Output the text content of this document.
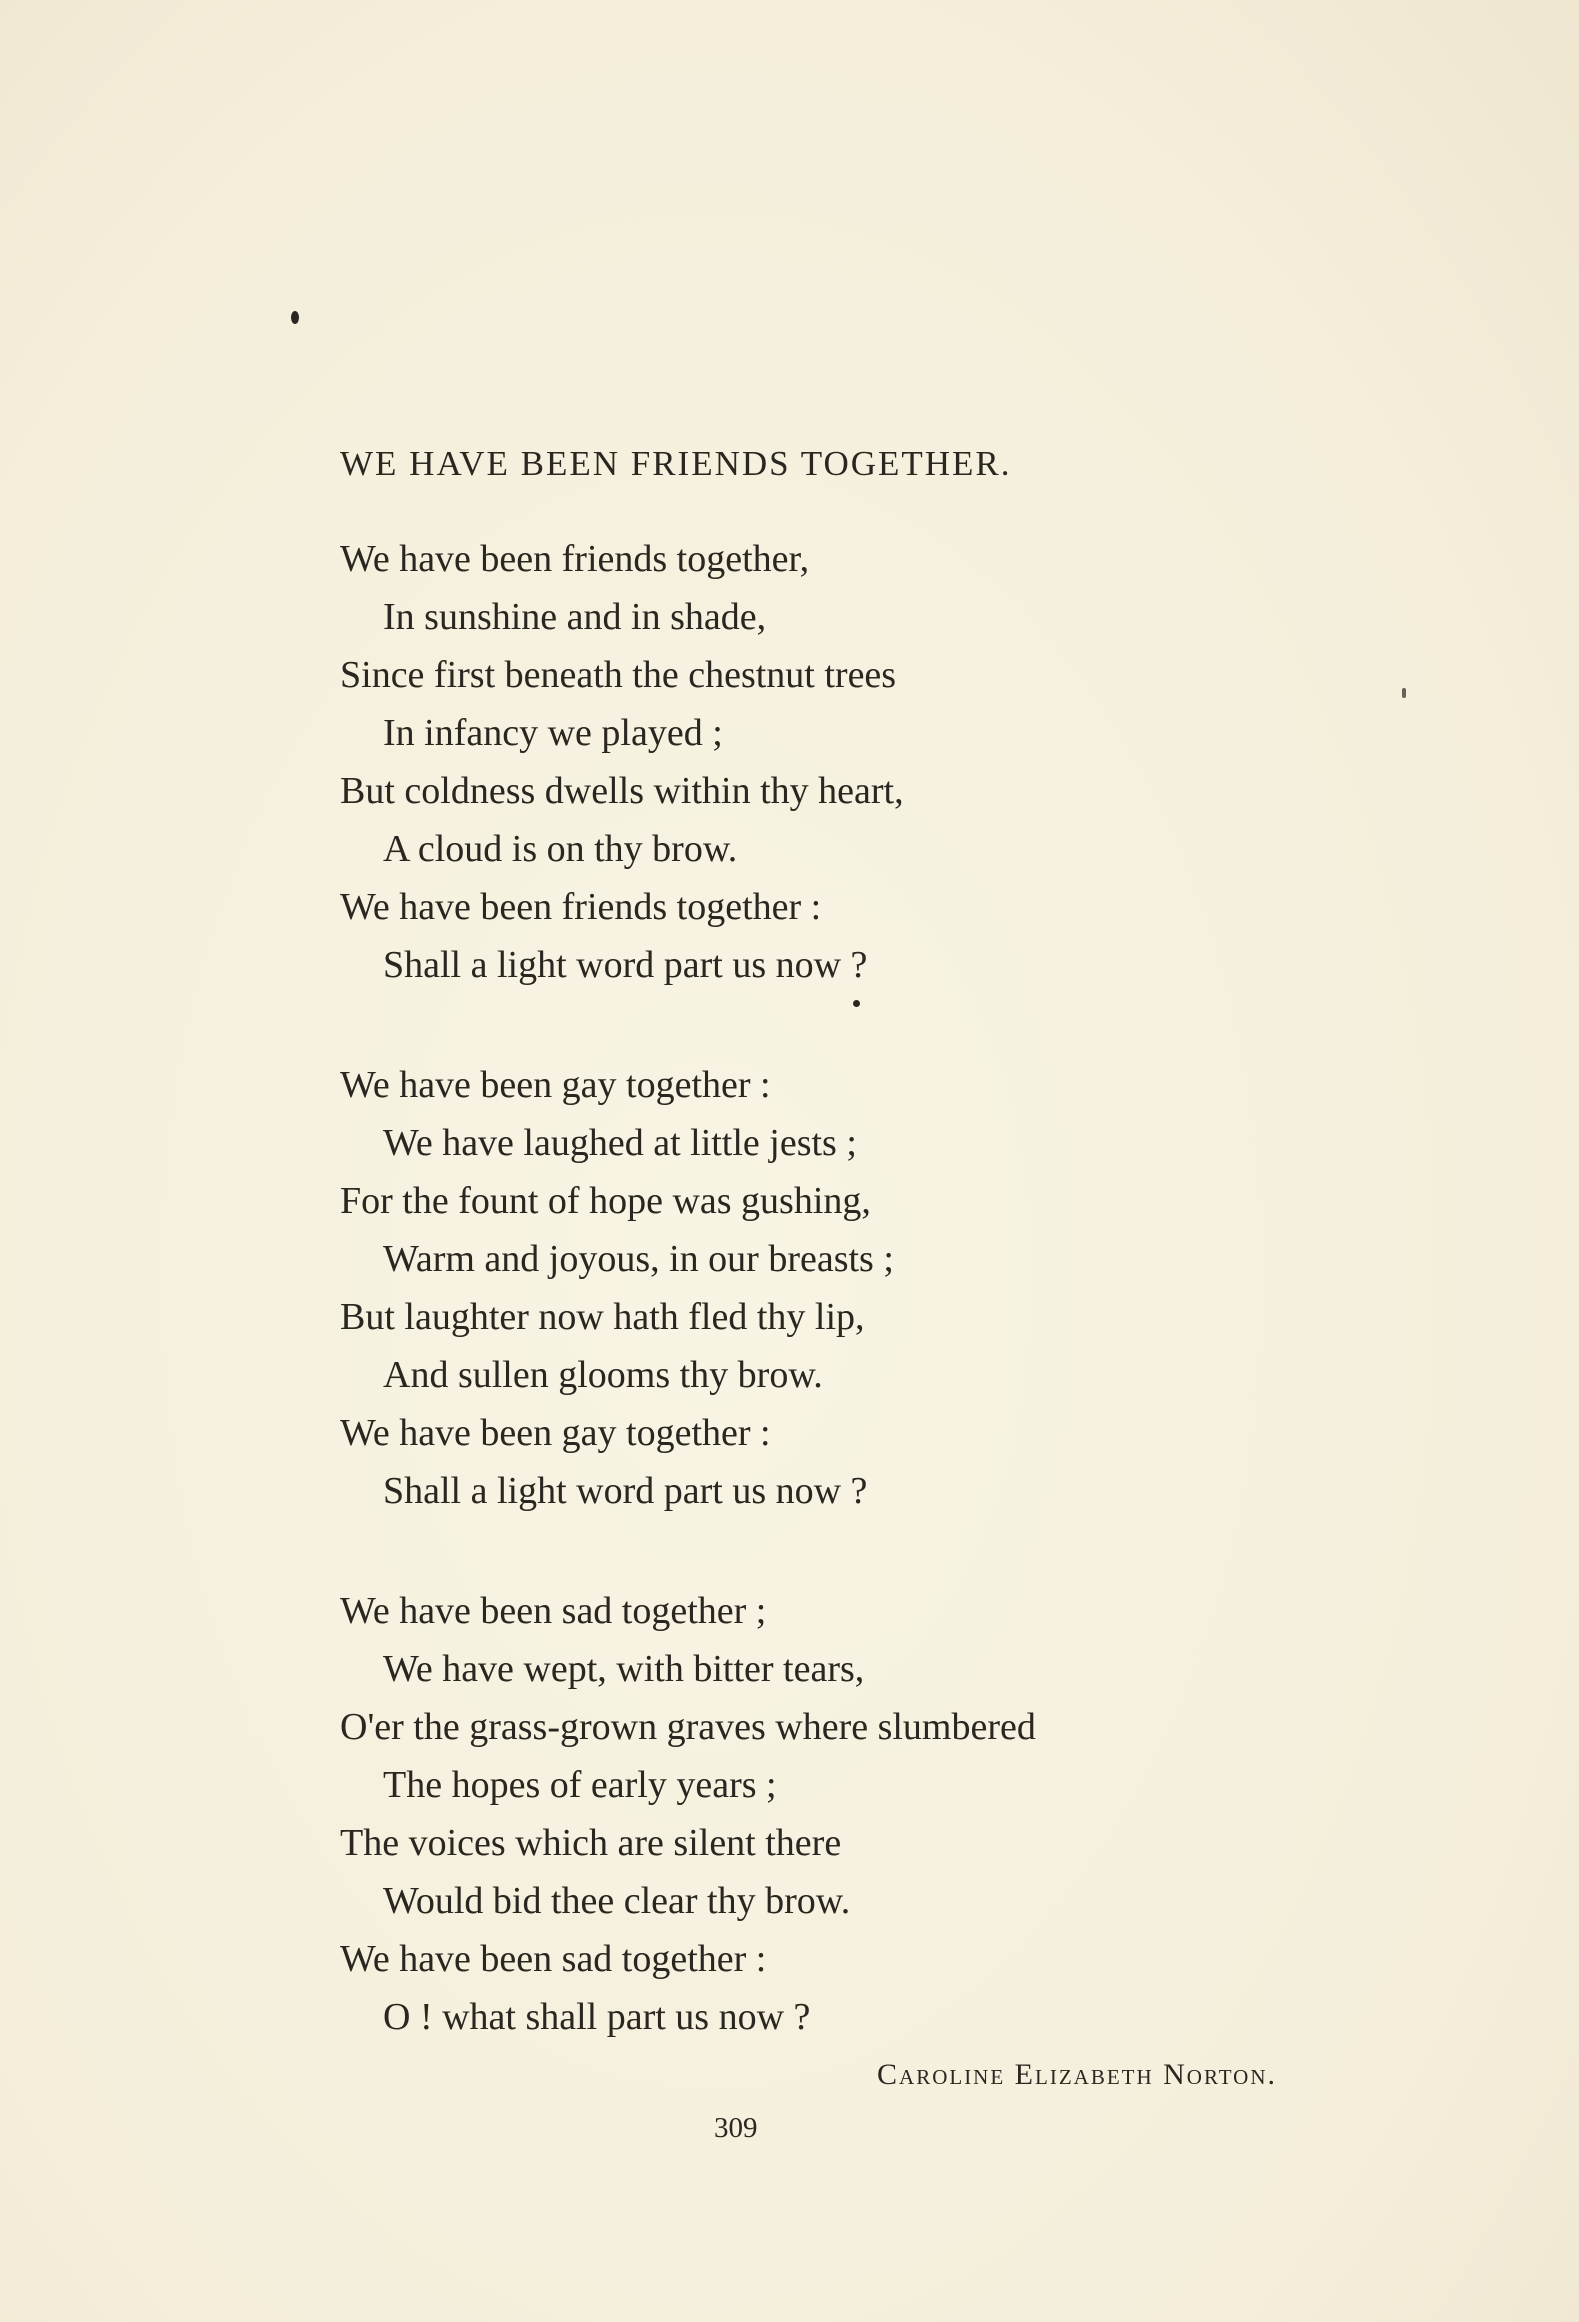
WE HAVE BEEN FRIENDS TOGETHER.
We have been friends together,
In sunshine and in shade,
Since first beneath the chestnut trees
In infancy we played ;
But coldness dwells within thy heart,
A cloud is on thy brow.
We have been friends together :
Shall a light word part us now ?
We have been gay together :
We have laughed at little jests ;
For the fount of hope was gushing,
Warm and joyous, in our breasts ;
But laughter now hath fled thy lip,
And sullen glooms thy brow.
We have been gay together :
Shall a light word part us now ?
We have been sad together ;
We have wept, with bitter tears,
O'er the grass-grown graves where slumbered
The hopes of early years ;
The voices which are silent there
Would bid thee clear thy brow.
We have been sad together :
O ! what shall part us now ?

Caroline Elizabeth Norton.

309
